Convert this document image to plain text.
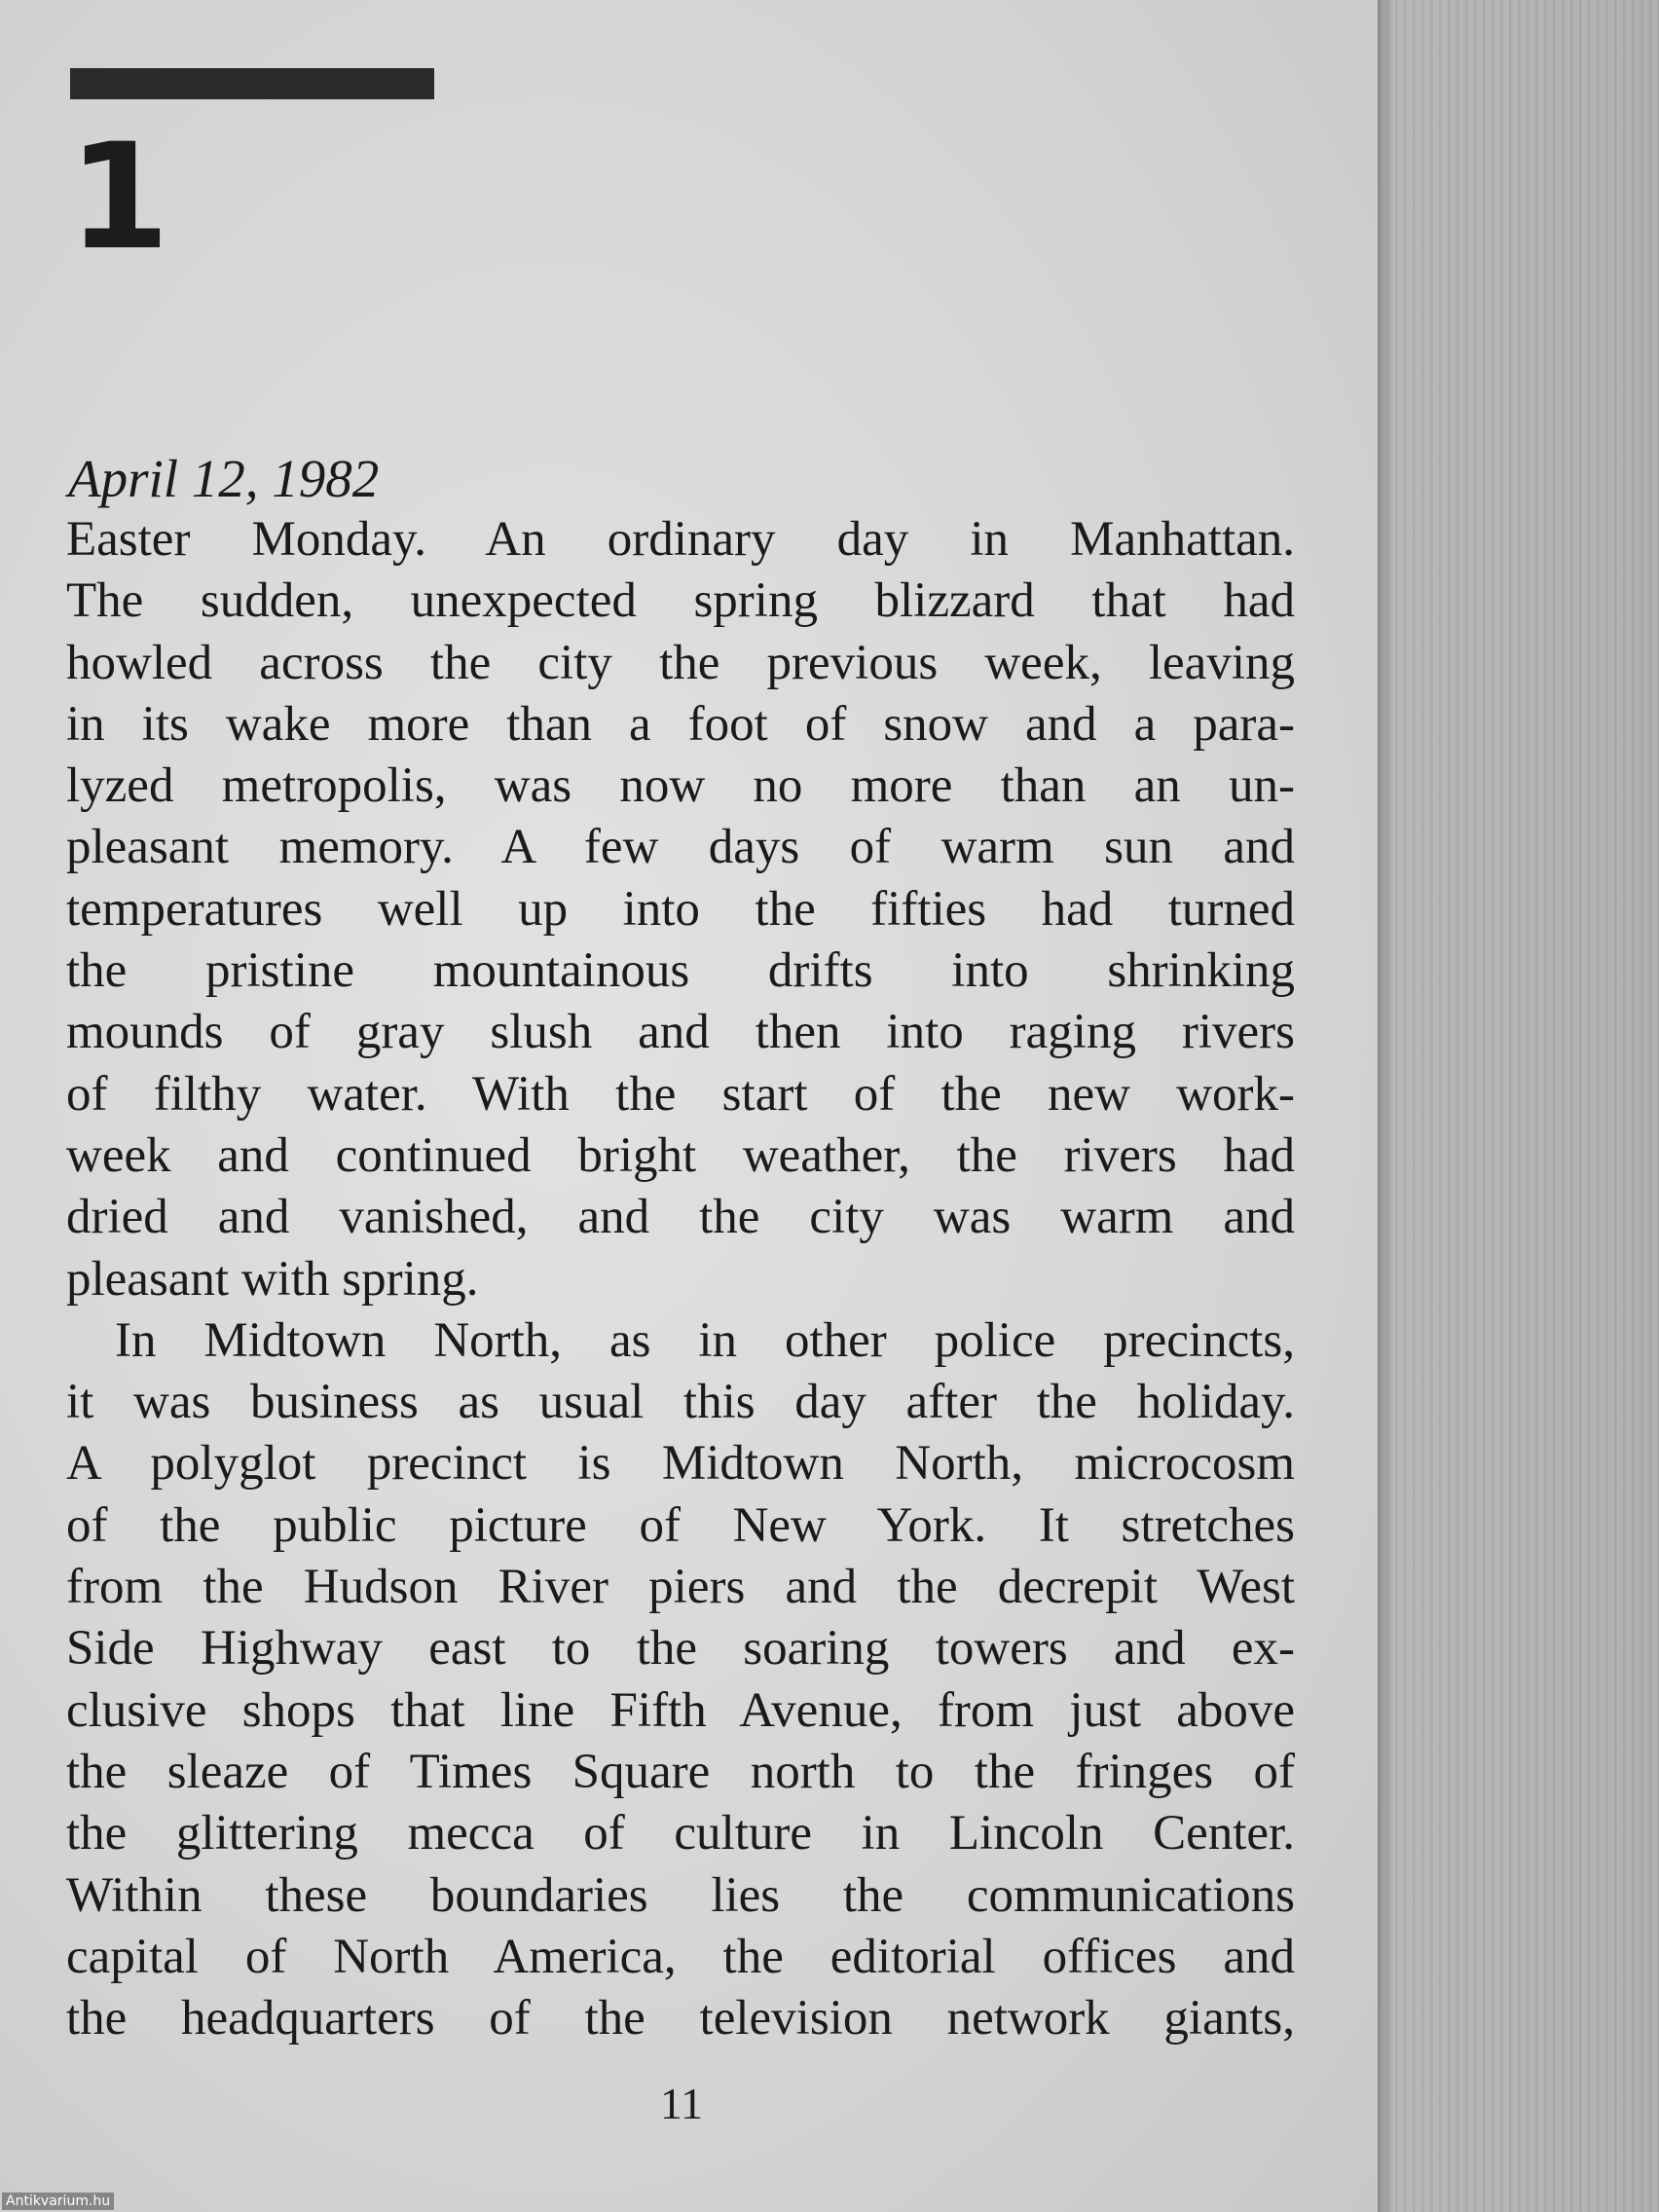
1
April 12, 1982
Easter Monday. An ordinary day in Manhattan.
The sudden, unexpected spring blizzard that had
howled across the city the previous week, leaving
in its wake more than a foot of snow and a para-
lyzed metropolis, was now no more than an un-
pleasant memory. A few days of warm sun and
temperatures well up into the fifties had turned
the pristine mountainous drifts into shrinking
mounds of gray slush and then into raging rivers
of filthy water. With the start of the new work-
week and continued bright weather, the rivers had
dried and vanished, and the city was warm and
pleasant with spring.
In Midtown North, as in other police precincts,
it was business as usual this day after the holiday.
A polyglot precinct is Midtown North, microcosm
of the public picture of New York. It stretches
from the Hudson River piers and the decrepit West
Side Highway east to the soaring towers and ex-
clusive shops that line Fifth Avenue, from just above
the sleaze of Times Square north to the fringes of
the glittering mecca of culture in Lincoln Center.
Within these boundaries lies the communications
capital of North America, the editorial offices and
the headquarters of the television network giants,
11
Antikvarium.hu
